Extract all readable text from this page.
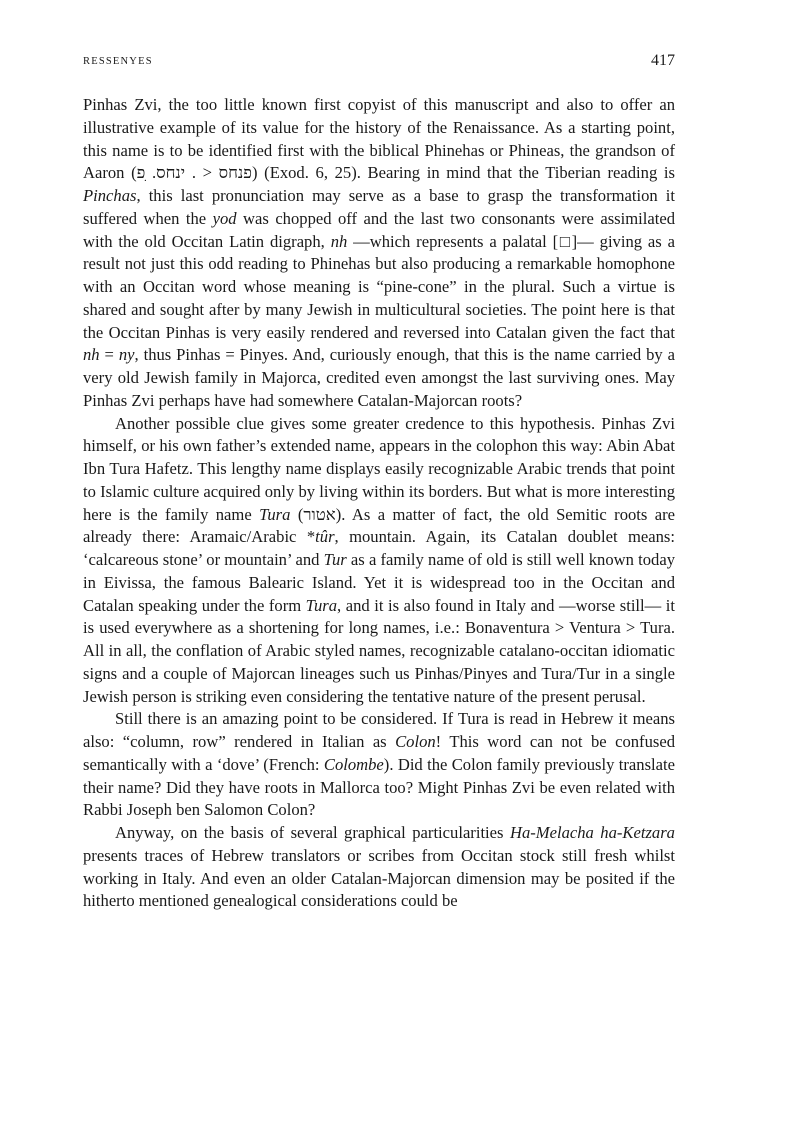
RESSENYES	417

Pinhas Zvi, the too little known first copyist of this manuscript and also to offer an illustrative example of its value for the history of the Renaissance. As a starting point, this name is to be identified first with the biblical Phinehas or Phineas, the grandson of Aaron (פנחס < . ינחס. ִפ) (Exod. 6, 25). Bearing in mind that the Tiberian reading is Pinchas, this last pronunciation may serve as a base to grasp the transformation it suffered when the yod was chopped off and the last two consonants were assimilated with the old Occitan Latin digraph, nh —which represents a palatal [□]— giving as a result not just this odd reading to Phinehas but also producing a remarkable homophone with an Occitan word whose meaning is “pine-cone” in the plural. Such a virtue is shared and sought after by many Jewish in multicultural societies. The point here is that the Occitan Pinhas is very easily rendered and reversed into Catalan given the fact that nh = ny, thus Pinhas = Pinyes. And, curiously enough, that this is the name carried by a very old Jewish family in Majorca, credited even amongst the last surviving ones. May Pinhas Zvi perhaps have had somewhere Catalan-Majorcan roots?

Another possible clue gives some greater credence to this hypothesis. Pinhas Zvi himself, or his own father’s extended name, appears in the colophon this way: Abin Abat Ibn Tura Hafetz. This lengthy name displays easily recognizable Arabic trends that point to Islamic culture acquired only by living within its borders. But what is more interesting here is the family name Tura (אטור). As a matter of fact, the old Semitic roots are already there: Aramaic/Arabic *tûr, mountain. Again, its Catalan doublet means: ‘calcareous stone’ or mountain’ and Tur as a family name of old is still well known today in Eivissa, the famous Balearic Island. Yet it is widespread too in the Occitan and Catalan speaking under the form Tura, and it is also found in Italy and —worse still— it is used everywhere as a shortening for long names, i.e.: Bonaventura > Ventura > Tura. All in all, the conflation of Arabic styled names, recognizable catalano-occitan idiomatic signs and a couple of Majorcan lineages such us Pinhas/Pinyes and Tura/Tur in a single Jewish person is striking even considering the tentative nature of the present perusal.

Still there is an amazing point to be considered. If Tura is read in Hebrew it means also: “column, row” rendered in Italian as Colon! This word can not be confused semantically with a ‘dove’ (French: Colombe). Did the Colon family previously translate their name? Did they have roots in Mallorca too? Might Pinhas Zvi be even related with Rabbi Joseph ben Salomon Colon?

Anyway, on the basis of several graphical particularities Ha-Melacha ha-Ketzara presents traces of Hebrew translators or scribes from Occitan stock still fresh whilst working in Italy. And even an older Catalan-Majorcan dimension may be posited if the hitherto mentioned genealogical considerations could be
